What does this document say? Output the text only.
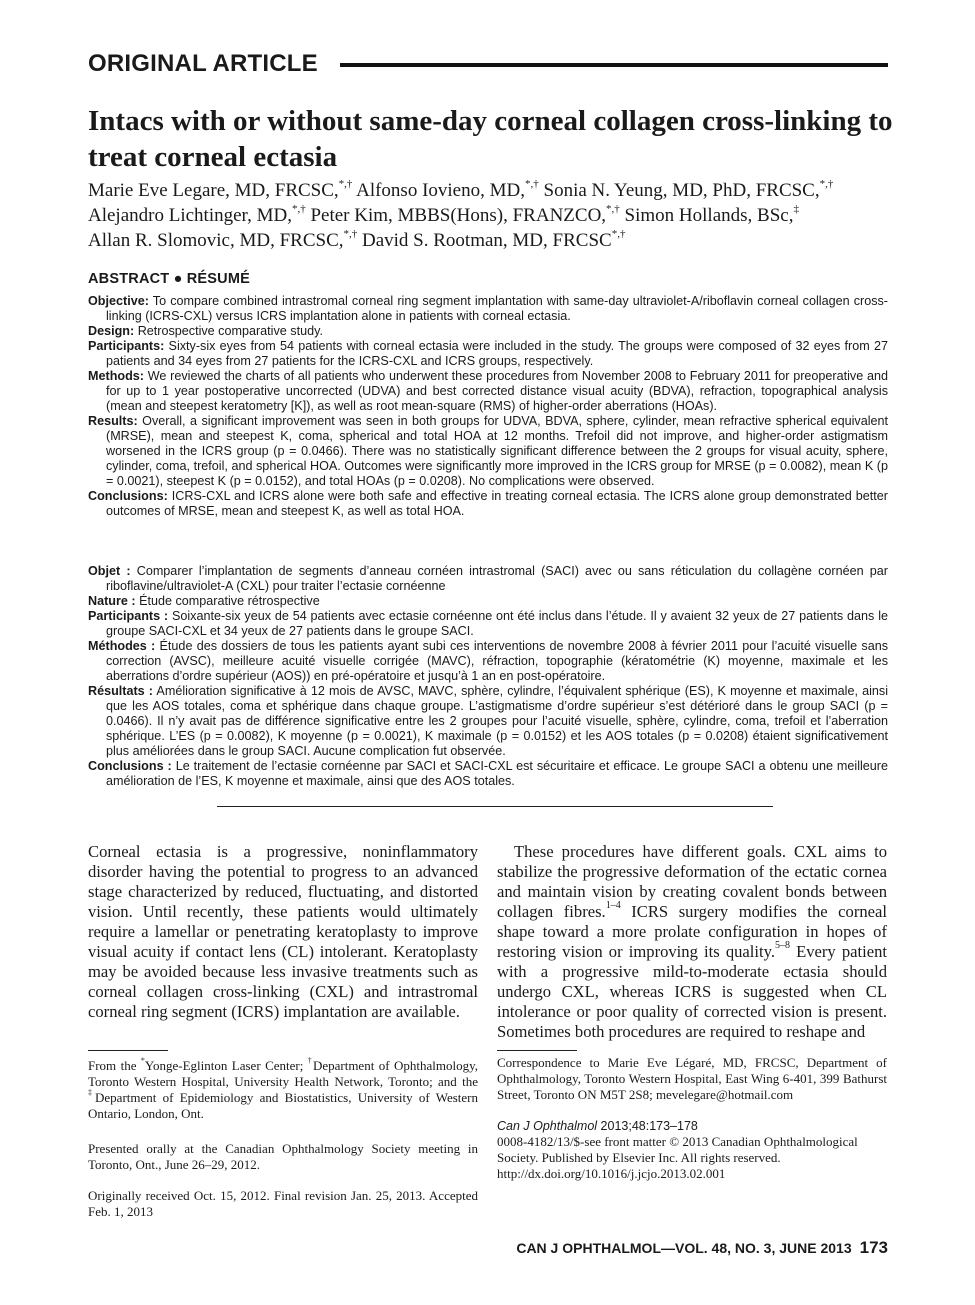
ORIGINAL ARTICLE
Intacs with or without same-day corneal collagen cross-linking to treat corneal ectasia
Marie Eve Legare, MD, FRCSC,*,† Alfonso Iovieno, MD,*,† Sonia N. Yeung, MD, PhD, FRCSC,*,† Alejandro Lichtinger, MD,*,† Peter Kim, MBBS(Hons), FRANZCO,*,† Simon Hollands, BSc,‡ Allan R. Slomovic, MD, FRCSC,*,† David S. Rootman, MD, FRCSC*,†
ABSTRACT ● RÉSUMÉ

Objective: To compare combined intrastromal corneal ring segment implantation with same-day ultraviolet-A/riboflavin corneal collagen cross-linking (ICRS-CXL) versus ICRS implantation alone in patients with corneal ectasia.

Design: Retrospective comparative study.

Participants: Sixty-six eyes from 54 patients with corneal ectasia were included in the study. The groups were composed of 32 eyes from 27 patients and 34 eyes from 27 patients for the ICRS-CXL and ICRS groups, respectively.

Methods: We reviewed the charts of all patients who underwent these procedures from November 2008 to February 2011 for preoperative and for up to 1 year postoperative uncorrected (UDVA) and best corrected distance visual acuity (BDVA), refraction, topographical analysis (mean and steepest keratometry [K]), as well as root mean-square (RMS) of higher-order aberrations (HOAs).

Results: Overall, a significant improvement was seen in both groups for UDVA, BDVA, sphere, cylinder, mean refractive spherical equivalent (MRSE), mean and steepest K, coma, spherical and total HOA at 12 months. Trefoil did not improve, and higher-order astigmatism worsened in the ICRS group (p = 0.0466). There was no statistically significant difference between the 2 groups for visual acuity, sphere, cylinder, coma, trefoil, and spherical HOA. Outcomes were significantly more improved in the ICRS group for MRSE (p = 0.0082), mean K (p = 0.0021), steepest K (p = 0.0152), and total HOAs (p = 0.0208). No complications were observed.

Conclusions: ICRS-CXL and ICRS alone were both safe and effective in treating corneal ectasia. The ICRS alone group demonstrated better outcomes of MRSE, mean and steepest K, as well as total HOA.

Objet : Comparer l’implantation de segments d’anneau cornéen intrastromal (SACI) avec ou sans réticulation du collagène cornéen par riboflavine/ultraviolet-A (CXL) pour traiter l’ectasie cornéenne

Nature : Étude comparative rétrospective

Participants : Soixante-six yeux de 54 patients avec ectasie cornéenne ont été inclus dans l’étude. Il y avaient 32 yeux de 27 patients dans le groupe SACI-CXL et 34 yeux de 27 patients dans le groupe SACI.

Méthodes : Étude des dossiers de tous les patients ayant subi ces interventions de novembre 2008 à février 2011 pour l’acuité visuelle sans correction (AVSC), meilleure acuité visuelle corrigée (MAVC), réfraction, topographie (kératométrie (K) moyenne, maximale et les aberrations d’ordre supérieur (AOS)) en pré-opératoire et jusqu’à 1 an en post-opératoire.

Résultats : Amélioration significative à 12 mois de AVSC, MAVC, sphère, cylindre, l’équivalent sphérique (ES), K moyenne et maximale, ainsi que les AOS totales, coma et sphérique dans chaque groupe. L’astigmatisme d’ordre supérieur s’est détérioré dans le group SACI (p = 0.0466). Il n’y avait pas de différence significative entre les 2 groupes pour l’acuité visuelle, sphère, cylindre, coma, trefoil et l’aberration sphérique. L’ES (p = 0.0082), K moyenne (p = 0.0021), K maximale (p = 0.0152) et les AOS totales (p = 0.0208) étaient significativement plus améliorées dans le group SACI. Aucune complication fut observée.

Conclusions : Le traitement de l’ectasie cornéenne par SACI et SACI-CXL est sécuritaire et efficace. Le groupe SACI a obtenu une meilleure amélioration de l’ES, K moyenne et maximale, ainsi que des AOS totales.

Corneal ectasia is a progressive, noninflammatory disorder having the potential to progress to an advanced stage characterized by reduced, fluctuating, and distorted vision. Until recently, these patients would ultimately require a lamellar or penetrating keratoplasty to improve visual acuity if contact lens (CL) intolerant. Keratoplasty may be avoided because less invasive treatments such as corneal collagen cross-linking (CXL) and intrastromal corneal ring segment (ICRS) implantation are available.

These procedures have different goals. CXL aims to stabilize the progressive deformation of the ectatic cornea and maintain vision by creating covalent bonds between collagen fibres.$^{1-4}$ ICRS surgery modifies the corneal shape toward a more prolate configuration in hopes of restoring vision or improving its quality.$^{5-8}$ Every patient with a progressive mild-to-moderate ectasia should undergo CXL, whereas ICRS is suggested when CL intolerance or poor quality of corrected vision is present. Sometimes both procedures are required to reshape and

From the *Yonge-Eglinton Laser Center; †Department of Ophthalmology, Toronto Western Hospital, University Health Network, Toronto; and the ‡Department of Epidemiology and Biostatistics, University of Western Ontario, London, Ont.

Presented orally at the Canadian Ophthalmology Society meeting in Toronto, Ont., June 26–29, 2012.

Originally received Oct. 15, 2012. Final revision Jan. 25, 2013. Accepted Feb. 1, 2013

Correspondence to Marie Eve Légaré, MD, FRCSC, Department of Ophthalmology, Toronto Western Hospital, East Wing 6-401, 399 Bathurst Street, Toronto ON M5T 2S8; mevelegare@hotmail.com

Can J Ophthalmol 2013;48:173–178

0008-4182/13/$-see front matter © 2013 Canadian Ophthalmological Society. Published by Elsevier Inc. All rights reserved. http://dx.doi.org/10.1016/j.jcjo.2013.02.001

CAN J OPHTHALMOL—VOL. 48, NO. 3, JUNE 2013 173
